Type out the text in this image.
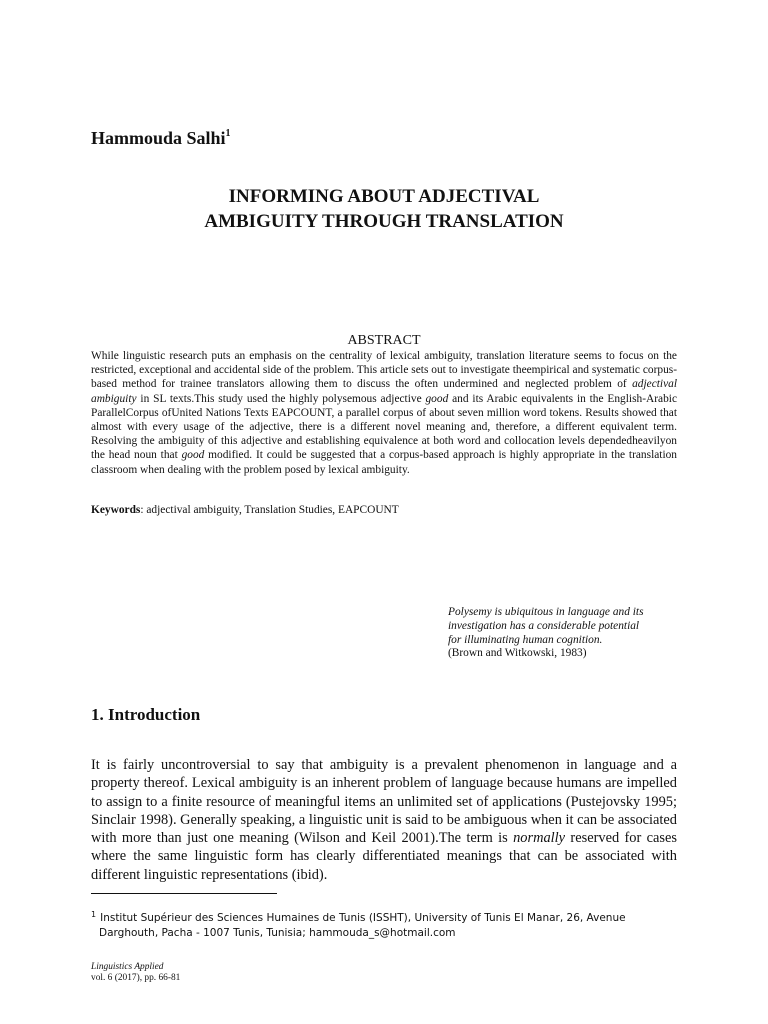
Hammouda Salhi$^1$
INFORMING ABOUT ADJECTIVAL
AMBIGUITY THROUGH TRANSLATION
ABSTRACT
While linguistic research puts an emphasis on the centrality of lexical ambiguity, translation literature seems to focus on the restricted, exceptional and accidental side of the problem. This article sets out to investigate theempirical and systematic corpus-based method for trainee translators allowing them to discuss the often undermined and neglected problem of adjectival ambiguity in SL texts.This study used the highly polysemous adjective good and its Arabic equivalents in the English-Arabic ParallelCorpus ofUnited Nations Texts EAPCOUNT, a parallel corpus of about seven million word tokens. Results showed that almost with every usage of the adjective, there is a different novel meaning and, therefore, a different equivalent term. Resolving the ambiguity of this adjective and establishing equivalence at both word and collocation levels dependedheavilyon the head noun that good modified. It could be suggested that a corpus-based approach is highly appropriate in the translation classroom when dealing with the problem posed by lexical ambiguity.
Keywords: adjectival ambiguity, Translation Studies, EAPCOUNT
Polysemy is ubiquitous in language and its
investigation has a considerable potential
for illuminating human cognition.
(Brown and Witkowski, 1983)
1. Introduction
It is fairly uncontroversial to say that ambiguity is a prevalent phenomenon in language and a property thereof. Lexical ambiguity is an inherent problem of language because humans are impelled to assign to a finite resource of meaningful items an unlimited set of applications (Pustejovsky 1995; Sinclair 1998). Generally speaking, a linguistic unit is said to be ambiguous when it can be associated with more than just one meaning (Wilson and Keil 2001).The term is normally reserved for cases where the same linguistic form has clearly differentiated meanings that can be associated with different linguistic representations (ibid).
$^1$ Institut Supérieur des Sciences Humaines de Tunis (ISSHT), University of Tunis El Manar, 26, Avenue
Darghouth, Pacha - 1007 Tunis, Tunisia; hammouda_s@hotmail.com
Linguistics Applied
vol. 6 (2017), pp. 66-81
